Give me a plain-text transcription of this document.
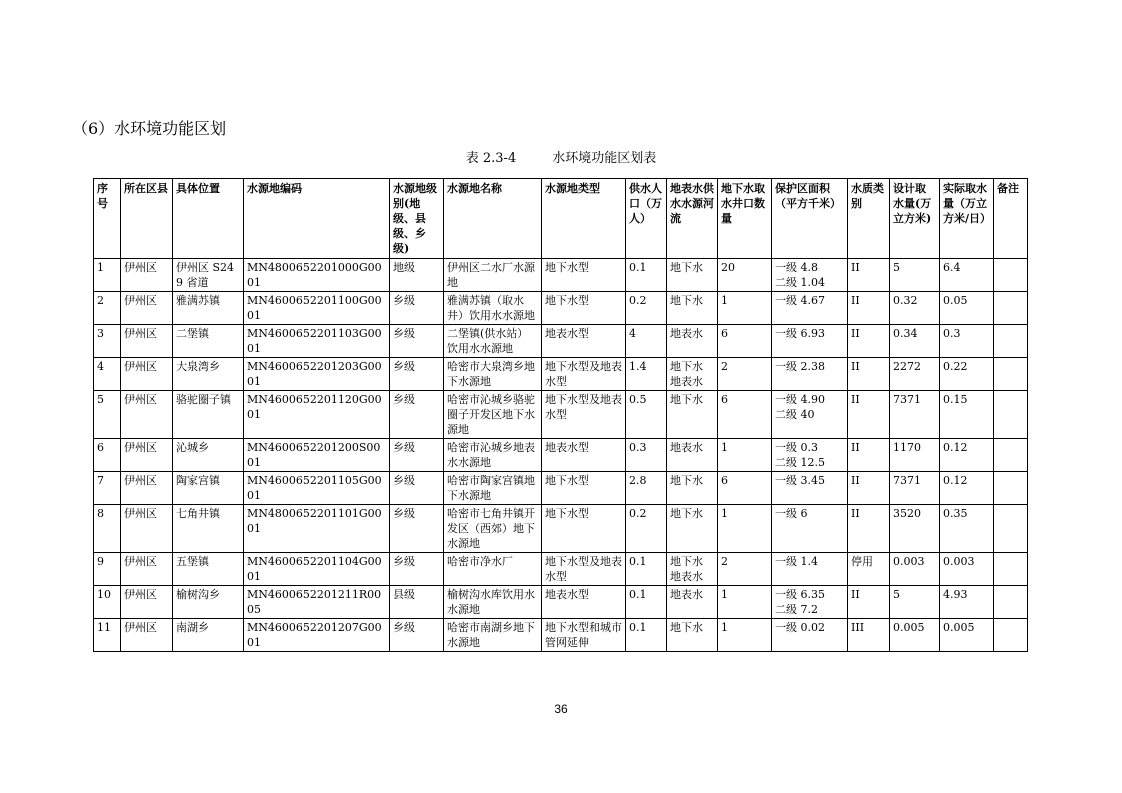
（6）水环境功能区划
表 2.3-4	水环境功能区划表
序号	所在区县	具体位置	水源地编码	水源地级别(地级、县级、乡级)	水源地名称	水源地类型	供水人口（万人）	地表水供水水源河流	地下水取水井口数量	保护区面积（平方千米）	水质类别	设计取水量(万立方米)	实际取水量（万立方米/日）	备注
1	伊州区	伊州区 S249 省道	MN4800652201000G0001	地级	伊州区二水厂水源地	地下水型	0.1	地下水	20	一级 4.8
二级 1.04	II	5	6.4	
2	伊州区	雅满苏镇	MN4600652201100G0001	乡级	雅满苏镇（取水井）饮用水水源地	地下水型	0.2	地下水	1	一级 4.67	II	0.32	0.05	
3	伊州区	二堡镇	MN4600652201103G0001	乡级	二堡镇(供水站）饮用水水源地	地表水型	4	地表水	6	一级 6.93	II	0.34	0.3	
4	伊州区	大泉湾乡	MN4600652201203G0001	乡级	哈密市大泉湾乡地下水源地	地下水型及地表水型	1.4	地下水
地表水	2	一级 2.38	II	2272	0.22	
5	伊州区	骆驼圈子镇	MN4600652201120G0001	乡级	哈密市沁城乡骆驼圈子开发区地下水源地	地下水型及地表水型	0.5	地下水	6	一级 4.90
二级 40	II	7371	0.15	
6	伊州区	沁城乡	MN4600652201200S0001	乡级	哈密市沁城乡地表水水源地	地表水型	0.3	地表水	1	一级 0.3
二级 12.5	II	1170	0.12	
7	伊州区	陶家宫镇	MN4600652201105G0001	乡级	哈密市陶家宫镇地下水源地	地下水型	2.8	地下水	6	一级 3.45	II	7371	0.12	
8	伊州区	七角井镇	MN4800652201101G0001	乡级	哈密市七角井镇开发区（西郊）地下水源地	地下水型	0.2	地下水	1	一级 6	II	3520	0.35	
9	伊州区	五堡镇	MN4600652201104G0001	乡级	哈密市净水厂	地下水型及地表水型	0.1	地下水
地表水	2	一级 1.4	停用	0.003	0.003	
10	伊州区	榆树沟乡	MN4600652201211R0005	县级	榆树沟水库饮用水水源地	地表水型	0.1	地表水	1	一级 6.35
二级 7.2	II	5	4.93	
11	伊州区	南湖乡	MN4600652201207G0001	乡级	哈密市南湖乡地下水源地	地下水型和城市管网延伸	0.1	地下水	1	一级 0.02	III	0.005	0.005	
36
